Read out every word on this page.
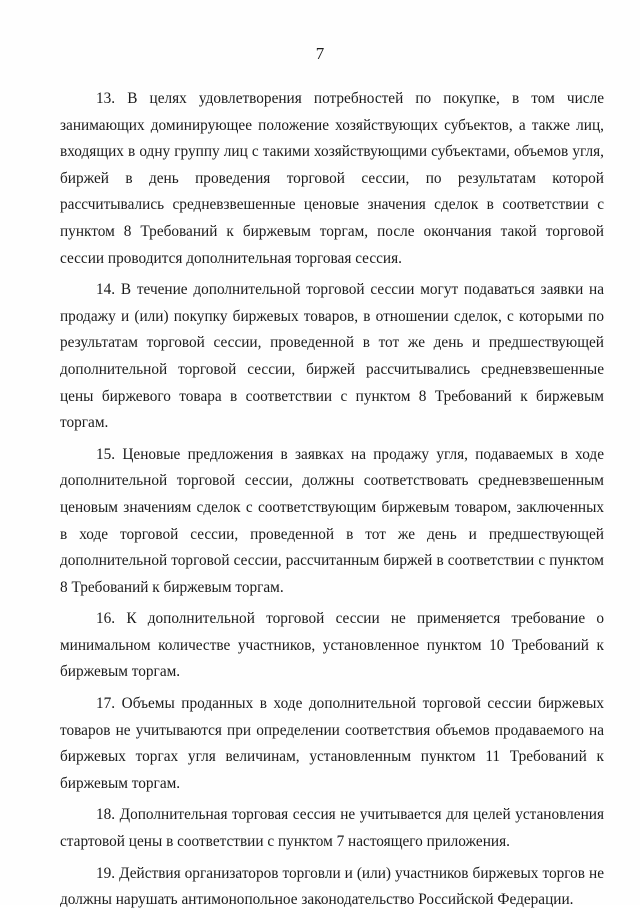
7

13. В целях удовлетворения потребностей по покупке, в том числе занимающих доминирующее положение хозяйствующих субъектов, а также лиц, входящих в одну группу лиц с такими хозяйствующими субъектами, объемов угля, биржей в день проведения торговой сессии, по результатам которой рассчитывались средневзвешенные ценовые значения сделок в соответствии с пунктом 8 Требований к биржевым торгам, после окончания такой торговой сессии проводится дополнительная торговая сессия.

14. В течение дополнительной торговой сессии могут подаваться заявки на продажу и (или) покупку биржевых товаров, в отношении сделок, с которыми по результатам торговой сессии, проведенной в тот же день и предшествующей дополнительной торговой сессии, биржей рассчитывались средневзвешенные цены биржевого товара в соответствии с пунктом 8 Требований к биржевым торгам.

15. Ценовые предложения в заявках на продажу угля, подаваемых в ходе дополнительной торговой сессии, должны соответствовать средневзвешенным ценовым значениям сделок с соответствующим биржевым товаром, заключенных в ходе торговой сессии, проведенной в тот же день и предшествующей дополнительной торговой сессии, рассчитанным биржей в соответствии с пунктом 8 Требований к биржевым торгам.

16. К дополнительной торговой сессии не применяется требование о минимальном количестве участников, установленное пунктом 10 Требований к биржевым торгам.

17. Объемы проданных в ходе дополнительной торговой сессии биржевых товаров не учитываются при определении соответствия объемов продаваемого на биржевых торгах угля величинам, установленным пунктом 11 Требований к биржевым торгам.

18. Дополнительная торговая сессия не учитывается для целей установления стартовой цены в соответствии с пунктом 7 настоящего приложения.

19. Действия организаторов торговли и (или) участников биржевых торгов не должны нарушать антимонопольное законодательство Российской Федерации.
